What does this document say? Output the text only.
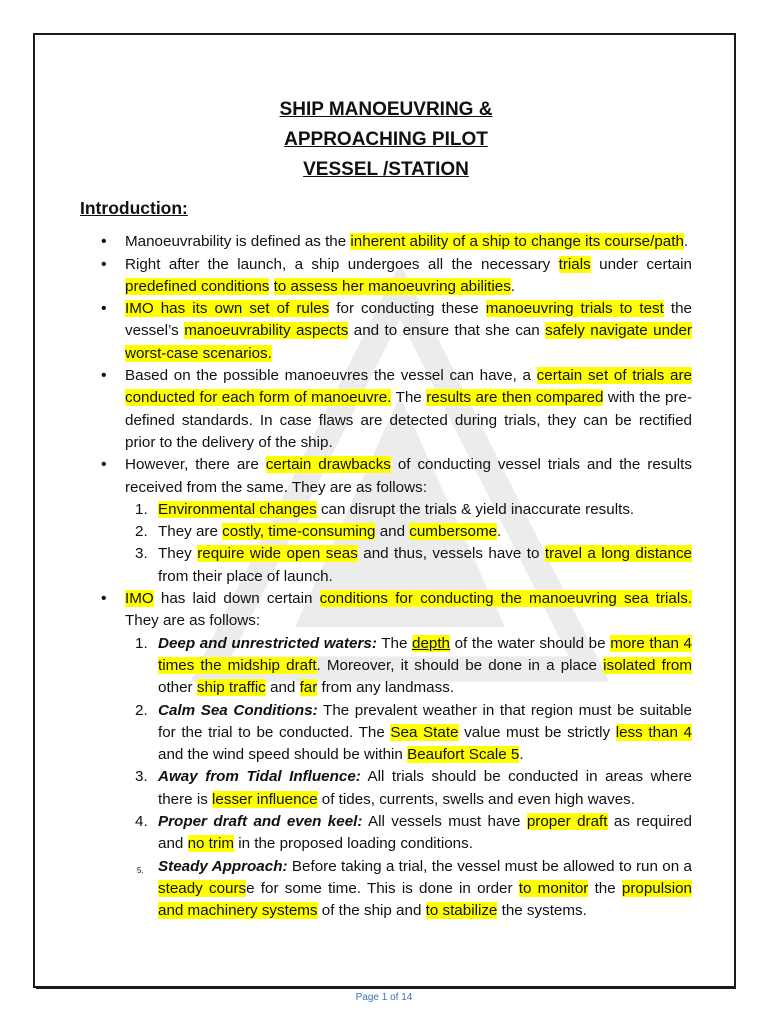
SHIP MANOEUVRING &
APPROACHING PILOT
VESSEL /STATION
Introduction:
• Manoeuvrability is defined as the inherent ability of a ship to change its course/path.
• Right after the launch, a ship undergoes all the necessary trials under certain predefined conditions to assess her manoeuvring abilities.
• IMO has its own set of rules for conducting these manoeuvring trials to test the vessel’s manoeuvrability aspects and to ensure that she can safely navigate under worst-case scenarios.
• Based on the possible manoeuvres the vessel can have, a certain set of trials are conducted for each form of manoeuvre. The results are then compared with the pre-defined standards. In case flaws are detected during trials, they can be rectified prior to the delivery of the ship.
• However, there are certain drawbacks of conducting vessel trials and the results received from the same. They are as follows:
1. Environmental changes can disrupt the trials & yield inaccurate results.
2. They are costly, time-consuming and cumbersome.
3. They require wide open seas and thus, vessels have to travel a long distance from their place of launch.
• IMO has laid down certain conditions for conducting the manoeuvring sea trials. They are as follows:
1. Deep and unrestricted waters: The depth of the water should be more than 4 times the midship draft. Moreover, it should be done in a place isolated from other ship traffic and far from any landmass.
2. Calm Sea Conditions: The prevalent weather in that region must be suitable for the trial to be conducted. The Sea State value must be strictly less than 4 and the wind speed should be within Beaufort Scale 5.
3. Away from Tidal Influence: All trials should be conducted in areas where there is lesser influence of tides, currents, swells and even high waves.
4. Proper draft and even keel: All vessels must have proper draft as required and no trim in the proposed loading conditions.
5. Steady Approach: Before taking a trial, the vessel must be allowed to run on a steady course for some time. This is done in order to monitor the propulsion and machinery systems of the ship and to stabilize the systems.
Page 1 of 14
